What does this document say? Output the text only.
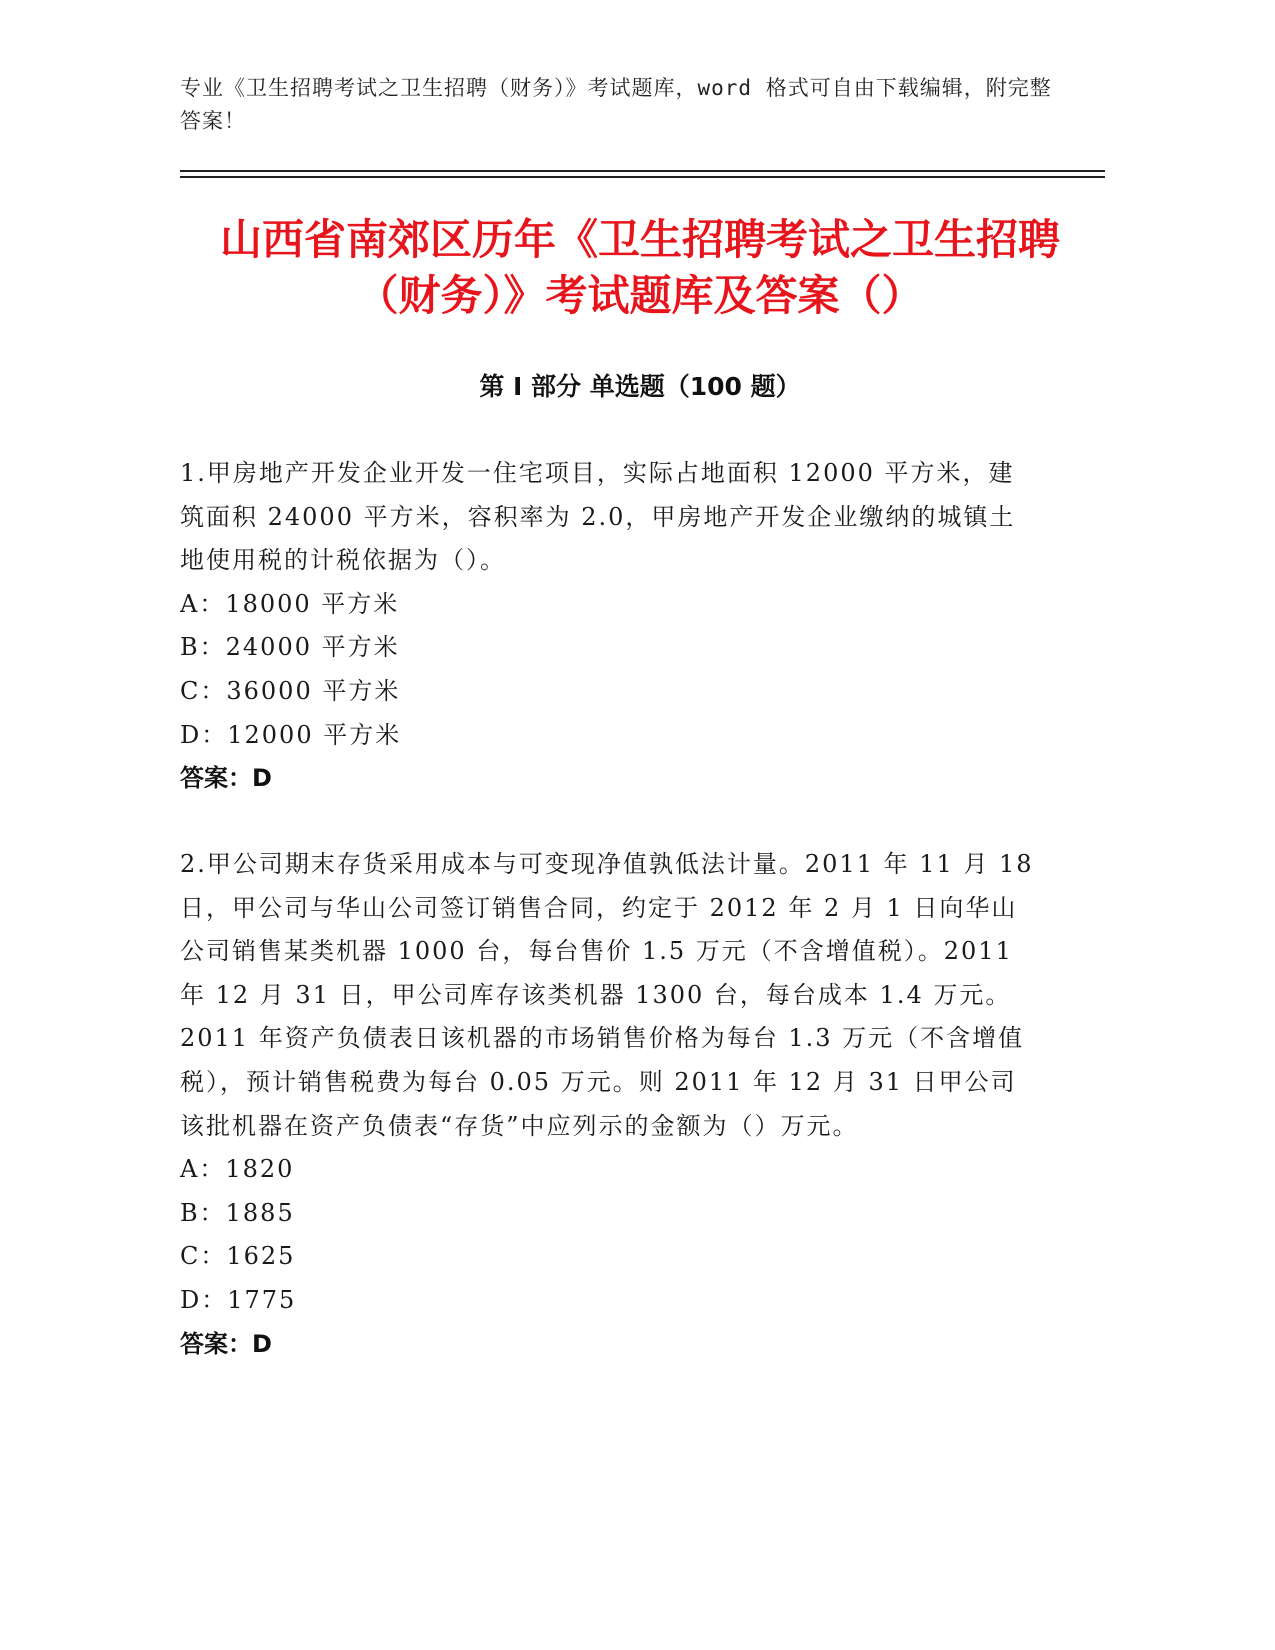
专业《卫生招聘考试之卫生招聘（财务）》考试题库，word 格式可自由下载编辑，附完整答案！
山西省南郊区历年《卫生招聘考试之卫生招聘（财务）》考试题库及答案（）
第 I 部分 单选题（100 题）

1.甲房地产开发企业开发一住宅项目，实际占地面积 12000 平方米，建筑面积 24000 平方米，容积率为 2.0，甲房地产开发企业缴纳的城镇土地使用税的计税依据为（）。

A：18000 平方米

B：24000 平方米

C：36000 平方米

D：12000 平方米

答案：D

2.甲公司期末存货采用成本与可变现净值孰低法计量。2011 年 11 月 18 日，甲公司与华山公司签订销售合同，约定于 2012 年 2 月 1 日向华山公司销售某类机器 1000 台，每台售价 1.5 万元（不含增值税）。2011 年 12 月 31 日，甲公司库存该类机器 1300 台，每台成本 1.4 万元。2011 年资产负债表日该机器的市场销售价格为每台 1.3 万元（不含增值税），预计销售税费为每台 0.05 万元。则 2011 年 12 月 31 日甲公司该批机器在资产负债表“存货”中应列示的金额为（）万元。

A：1820

B：1885

C：1625

D：1775

答案：D
